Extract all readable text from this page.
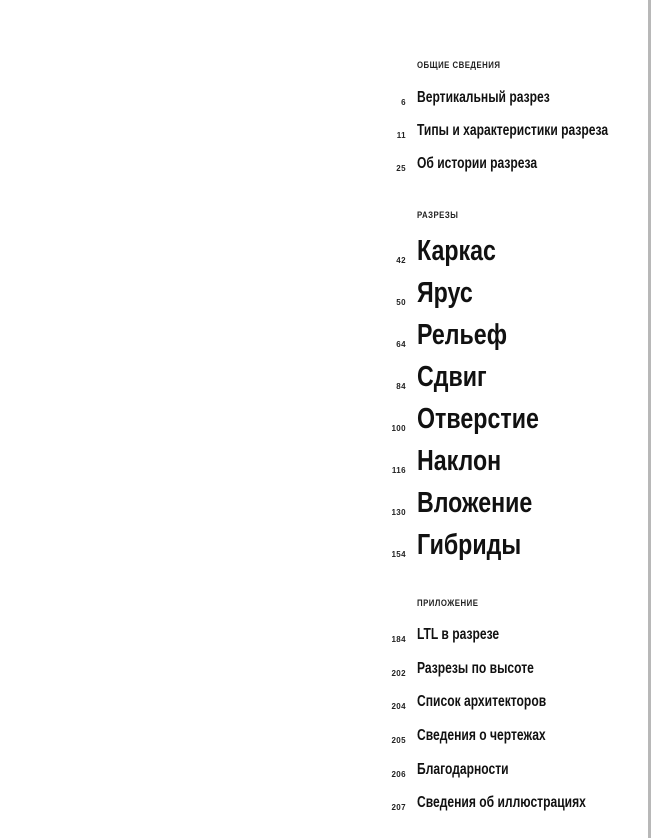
ОБЩИЕ СВЕДЕНИЯ
6 Вертикальный разрез
11 Типы и характеристики разреза
25 Об истории разреза
РАЗРЕЗЫ
42 Каркас
50 Ярус
64 Рельеф
84 Сдвиг
100 Отверстие
116 Наклон
130 Вложение
154 Гибриды
ПРИЛОЖЕНИЕ
184 LTL в разрезе
202 Разрезы по высоте
204 Список архитекторов
205 Сведения о чертежах
206 Благодарности
207 Сведения об иллюстрациях
